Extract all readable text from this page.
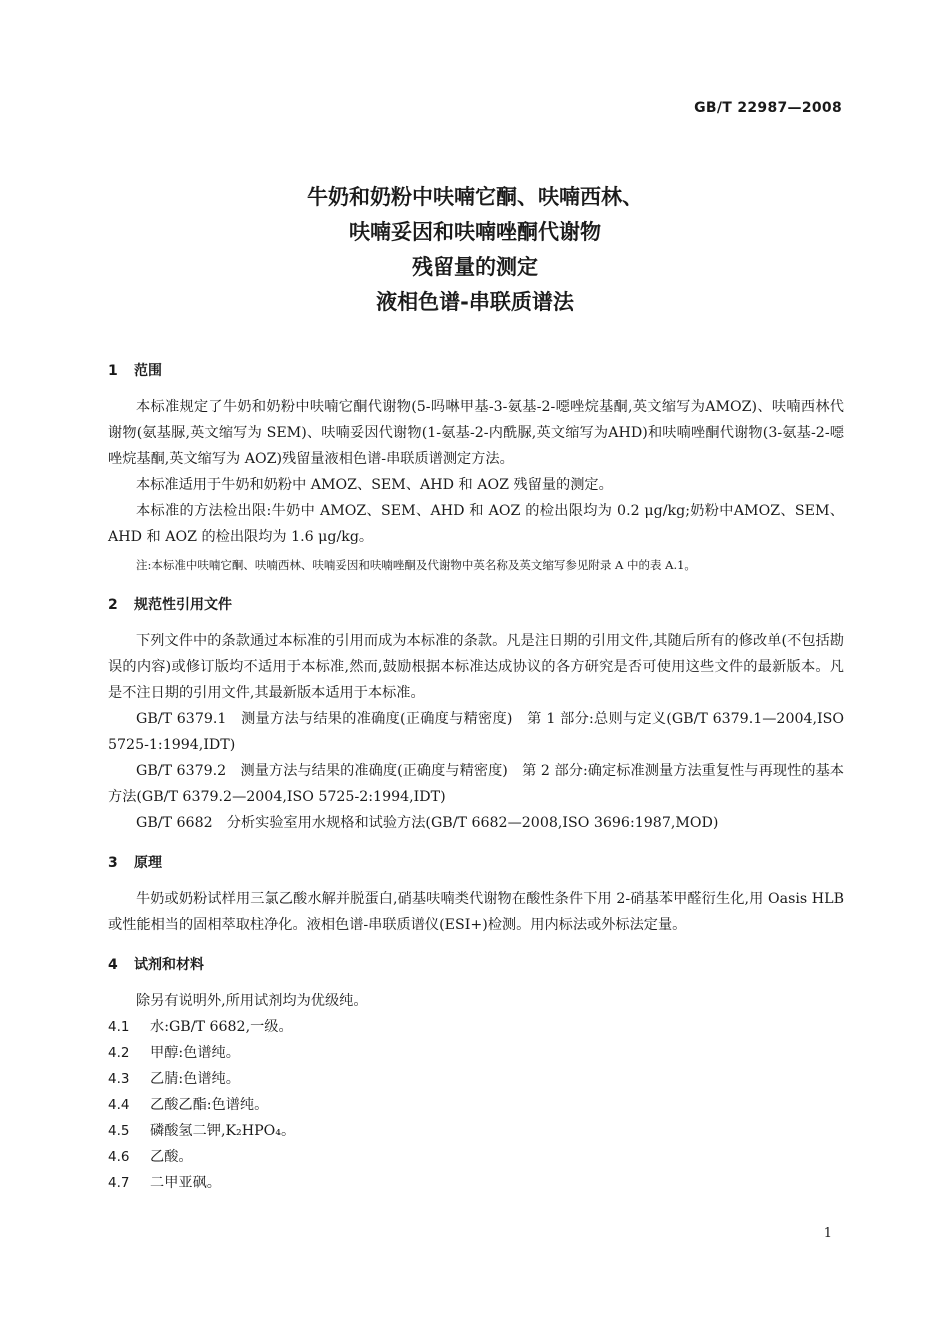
GB/T 22987—2008
牛奶和奶粉中呋喃它酮、呋喃西林、
呋喃妥因和呋喃唑酮代谢物
残留量的测定
液相色谱-串联质谱法
1 范围

本标准规定了牛奶和奶粉中呋喃它酮代谢物(5-吗啉甲基-3-氨基-2-噁唑烷基酮,英文缩写为AMOZ)、呋喃西林代谢物(氨基脲,英文缩写为 SEM)、呋喃妥因代谢物(1-氨基-2-内酰脲,英文缩写为AHD)和呋喃唑酮代谢物(3-氨基-2-噁唑烷基酮,英文缩写为 AOZ)残留量液相色谱-串联质谱测定方法。

本标准适用于牛奶和奶粉中 AMOZ、SEM、AHD 和 AOZ 残留量的测定。

本标准的方法检出限:牛奶中 AMOZ、SEM、AHD 和 AOZ 的检出限均为 0.2 μg/kg;奶粉中AMOZ、SEM、AHD 和 AOZ 的检出限均为 1.6 μg/kg。

注:本标准中呋喃它酮、呋喃西林、呋喃妥因和呋喃唑酮及代谢物中英名称及英文缩写参见附录 A 中的表 A.1。

2 规范性引用文件

下列文件中的条款通过本标准的引用而成为本标准的条款。凡是注日期的引用文件,其随后所有的修改单(不包括勘误的内容)或修订版均不适用于本标准,然而,鼓励根据本标准达成协议的各方研究是否可使用这些文件的最新版本。凡是不注日期的引用文件,其最新版本适用于本标准。

GB/T 6379.1　测量方法与结果的准确度(正确度与精密度)　第 1 部分:总则与定义(GB/T 6379.1—2004,ISO 5725-1:1994,IDT)

GB/T 6379.2　测量方法与结果的准确度(正确度与精密度)　第 2 部分:确定标准测量方法重复性与再现性的基本方法(GB/T 6379.2—2004,ISO 5725-2:1994,IDT)

GB/T 6682　分析实验室用水规格和试验方法(GB/T 6682—2008,ISO 3696:1987,MOD)

3 原理

牛奶或奶粉试样用三氯乙酸水解并脱蛋白,硝基呋喃类代谢物在酸性条件下用 2-硝基苯甲醛衍生化,用 Oasis HLB 或性能相当的固相萃取柱净化。液相色谱-串联质谱仪(ESI+)检测。用内标法或外标法定量。

4 试剂和材料

除另有说明外,所用试剂均为优级纯。

4.1 水:GB/T 6682,一级。

4.2 甲醇:色谱纯。

4.3 乙腈:色谱纯。

4.4 乙酸乙酯:色谱纯。

4.5 磷酸氢二钾,K₂HPO₄。

4.6 乙酸。

4.7 二甲亚砜。

1
